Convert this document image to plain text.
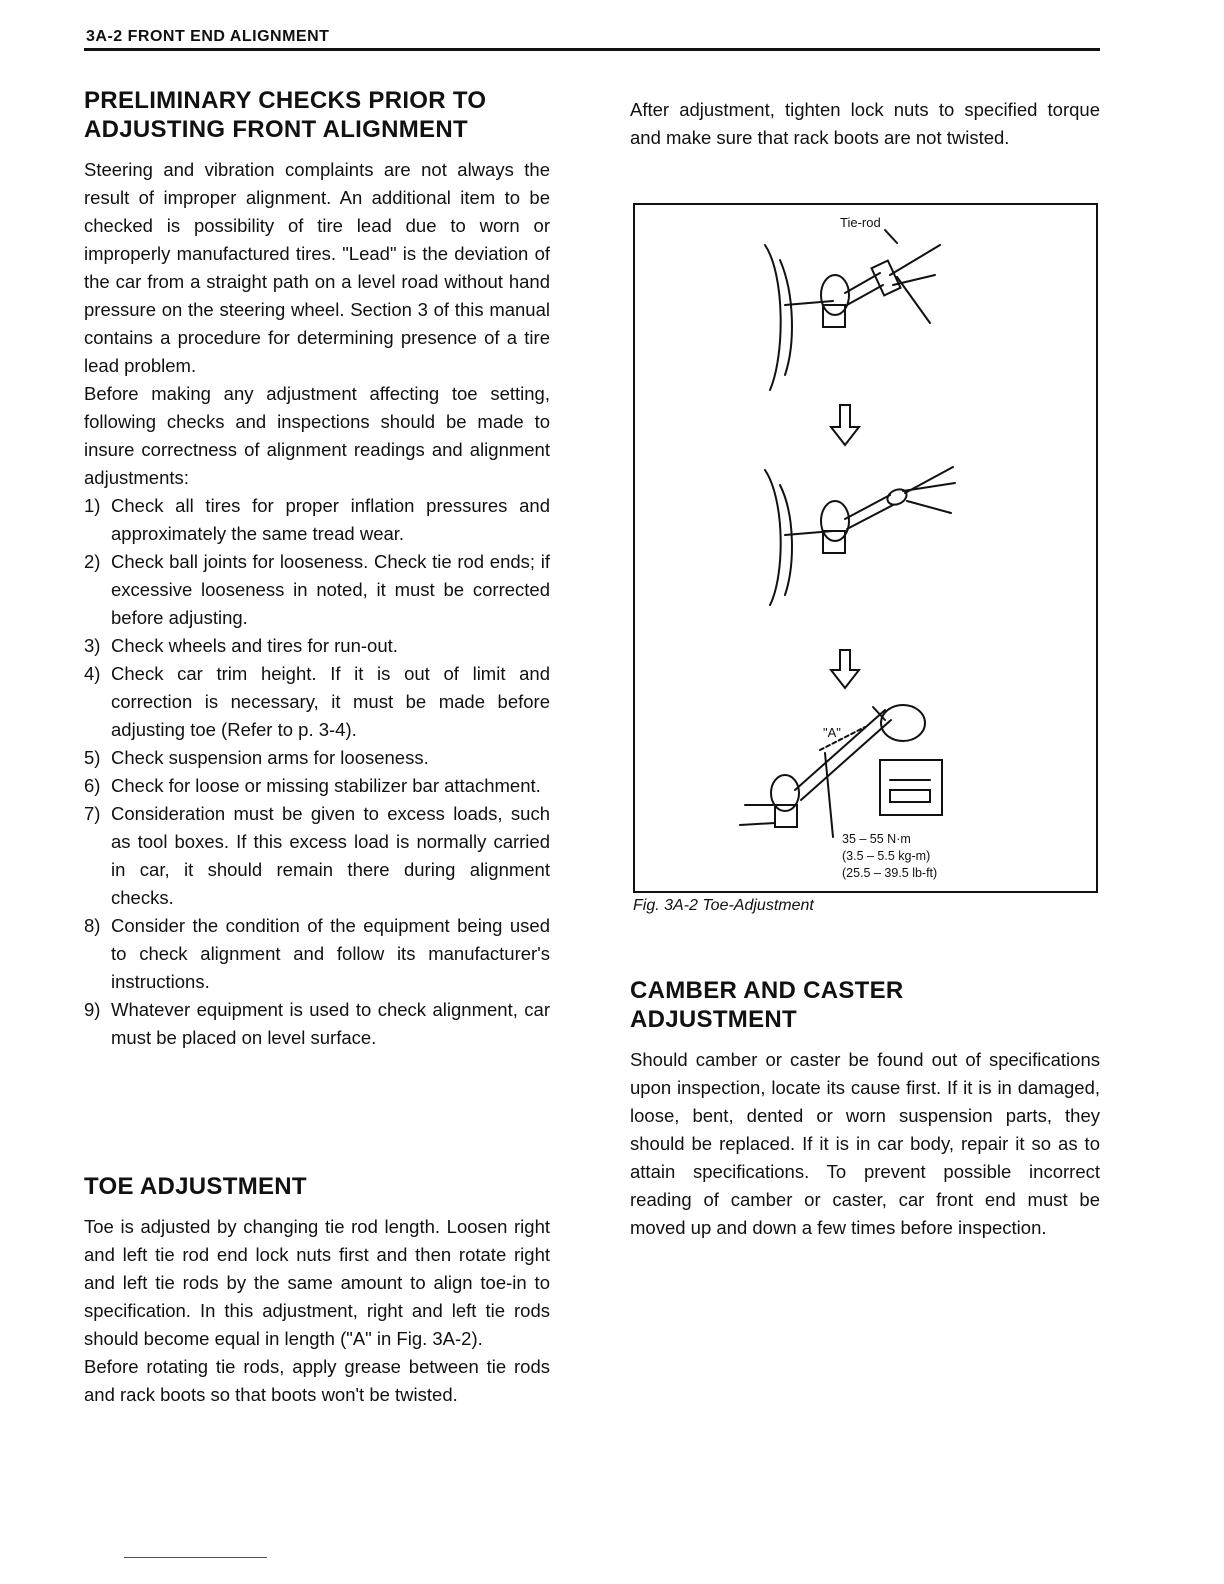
3A-2 FRONT END ALIGNMENT
PRELIMINARY CHECKS PRIOR TO
ADJUSTING FRONT ALIGNMENT

Steering and vibration complaints are not always the result of improper alignment. An additional item to be checked is possibility of tire lead due to worn or improperly manufactured tires. "Lead" is the deviation of the car from a straight path on a level road without hand pressure on the steering wheel. Section 3 of this manual contains a procedure for determining presence of a tire lead problem.

Before making any adjustment affecting toe setting, following checks and inspections should be made to insure correctness of alignment readings and alignment adjustments:

1) Check all tires for proper inflation pressures and approximately the same tread wear.
2) Check ball joints for looseness. Check tie rod ends; if excessive looseness in noted, it must be corrected before adjusting.
3) Check wheels and tires for run-out.
4) Check car trim height. If it is out of limit and correction is necessary, it must be made before adjusting toe (Refer to p. 3-4).
5) Check suspension arms for looseness.
6) Check for loose or missing stabilizer bar attachment.
7) Consideration must be given to excess loads, such as tool boxes. If this excess load is normally carried in car, it should remain there during alignment checks.
8) Consider the condition of the equipment being used to check alignment and follow its manufacturer's instructions.
9) Whatever equipment is used to check alignment, car must be placed on level surface.
TOE ADJUSTMENT

Toe is adjusted by changing tie rod length. Loosen right and left tie rod end lock nuts first and then rotate right and left tie rods by the same amount to align toe-in to specification. In this adjustment, right and left tie rods should become equal in length ("A" in Fig. 3A-2).

Before rotating tie rods, apply grease between tie rods and rack boots so that boots won't be twisted.

After adjustment, tighten lock nuts to specified torque and make sure that rack boots are not twisted.

Tie-rod
"A"
35 – 55 N·m
(3.5 – 5.5 kg-m)
(25.5 – 39.5 lb-ft)
Fig. 3A-2 Toe-Adjustment
CAMBER AND CASTER
ADJUSTMENT

Should camber or caster be found out of specifications upon inspection, locate its cause first. If it is in damaged, loose, bent, dented or worn suspension parts, they should be replaced. If it is in car body, repair it so as to attain specifications. To prevent possible incorrect reading of camber or caster, car front end must be moved up and down a few times before inspection.
